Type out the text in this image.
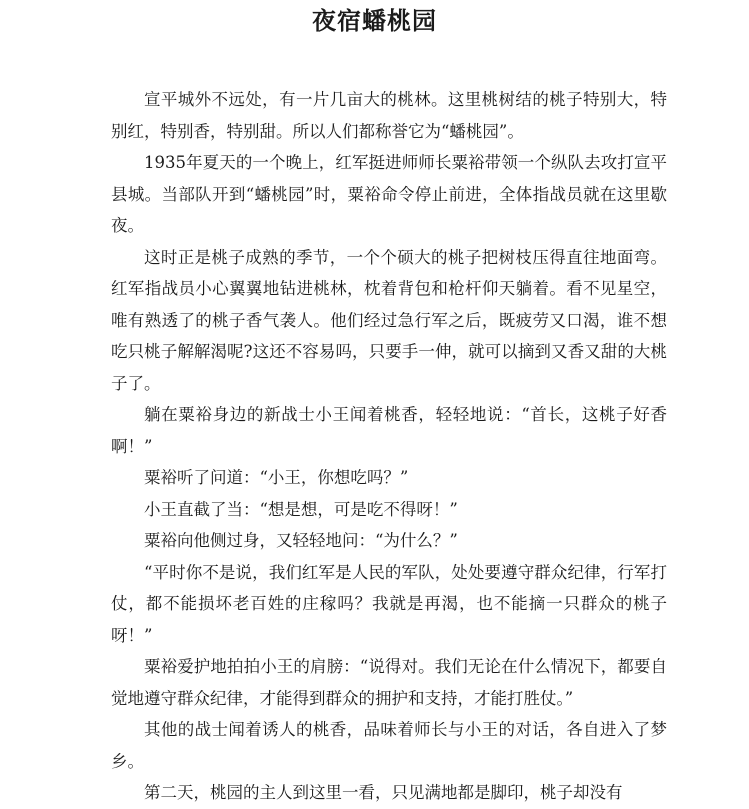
夜宿蟠桃园

宣平城外不远处，有一片几亩大的桃林。这里桃树结的桃子特别大，特别红，特别香，特别甜。所以人们都称誉它为“蟠桃园”。

1935年夏天的一个晚上，红军挺进师师长粟裕带领一个纵队去攻打宣平县城。当部队开到“蟠桃园”时，粟裕命令停止前进，全体指战员就在这里歇夜。

这时正是桃子成熟的季节，一个个硕大的桃子把树枝压得直往地面弯。红军指战员小心翼翼地钻进桃林，枕着背包和枪杆仰天躺着。看不见星空，唯有熟透了的桃子香气袭人。他们经过急行军之后，既疲劳又口渴，谁不想吃只桃子解解渴呢?这还不容易吗，只要手一伸，就可以摘到又香又甜的大桃子了。

躺在粟裕身边的新战士小王闻着桃香，轻轻地说：“首长，这桃子好香啊！”

粟裕听了问道：“小王，你想吃吗？”

小王直截了当：“想是想，可是吃不得呀！”

粟裕向他侧过身，又轻轻地问：“为什么？”

“平时你不是说，我们红军是人民的军队，处处要遵守群众纪律，行军打仗，都不能损坏老百姓的庄稼吗？我就是再渴，也不能摘一只群众的桃子呀！”

粟裕爱护地拍拍小王的肩膀：“说得对。我们无论在什么情况下，都要自觉地遵守群众纪律，才能得到群众的拥护和支持，才能打胜仗。”

其他的战士闻着诱人的桃香，品味着师长与小王的对话，各自进入了梦乡。

第二天，桃园的主人到这里一看，只见满地都是脚印，桃子却没有
